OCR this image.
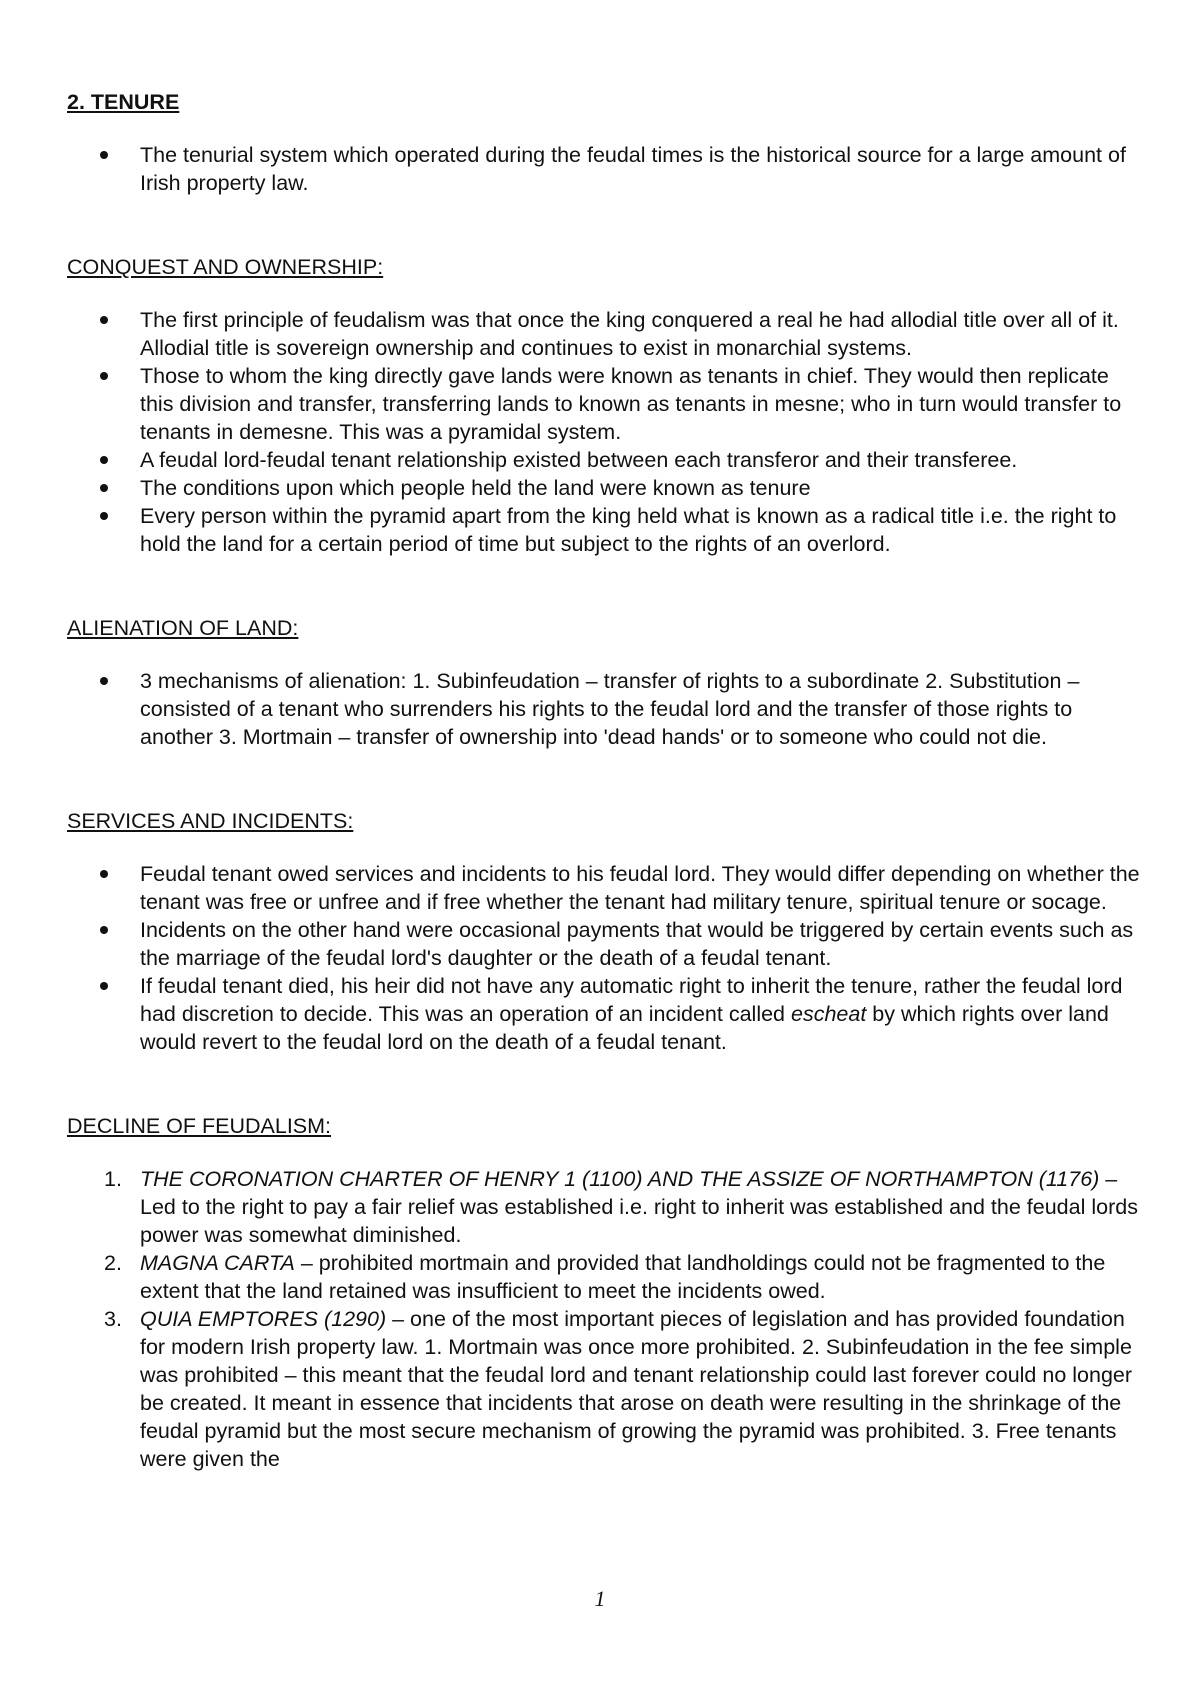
2. TENURE
The tenurial system which operated during the feudal times is the historical source for a large amount of Irish property law.
CONQUEST AND OWNERSHIP:
The first principle of feudalism was that once the king conquered a real he had allodial title over all of it. Allodial title is sovereign ownership and continues to exist in monarchial systems.
Those to whom the king directly gave lands were known as tenants in chief. They would then replicate this division and transfer, transferring lands to known as tenants in mesne; who in turn would transfer to tenants in demesne. This was a pyramidal system.
A feudal lord-feudal tenant relationship existed between each transferor and their transferee.
The conditions upon which people held the land were known as tenure
Every person within the pyramid apart from the king held what is known as a radical title i.e. the right to hold the land for a certain period of time but subject to the rights of an overlord.
ALIENATION OF LAND:
3 mechanisms of alienation: 1. Subinfeudation – transfer of rights to a subordinate 2. Substitution – consisted of a tenant who surrenders his rights to the feudal lord and the transfer of those rights to another 3. Mortmain – transfer of ownership into 'dead hands' or to someone who could not die.
SERVICES AND INCIDENTS:
Feudal tenant owed services and incidents to his feudal lord. They would differ depending on whether the tenant was free or unfree and if free whether the tenant had military tenure, spiritual tenure or socage.
Incidents on the other hand were occasional payments that would be triggered by certain events such as the marriage of the feudal lord's daughter or the death of a feudal tenant.
If feudal tenant died, his heir did not have any automatic right to inherit the tenure, rather the feudal lord had discretion to decide. This was an operation of an incident called escheat by which rights over land would revert to the feudal lord on the death of a feudal tenant.
DECLINE OF FEUDALISM:
1. THE CORONATION CHARTER OF HENRY 1 (1100) AND THE ASSIZE OF NORTHAMPTON (1176) – Led to the right to pay a fair relief was established i.e. right to inherit was established and the feudal lords power was somewhat diminished.
2. MAGNA CARTA – prohibited mortmain and provided that landholdings could not be fragmented to the extent that the land retained was insufficient to meet the incidents owed.
3. QUIA EMPTORES (1290) – one of the most important pieces of legislation and has provided foundation for modern Irish property law. 1. Mortmain was once more prohibited. 2. Subinfeudation in the fee simple was prohibited – this meant that the feudal lord and tenant relationship could last forever could no longer be created. It meant in essence that incidents that arose on death were resulting in the shrinkage of the feudal pyramid but the most secure mechanism of growing the pyramid was prohibited. 3. Free tenants were given the
1
